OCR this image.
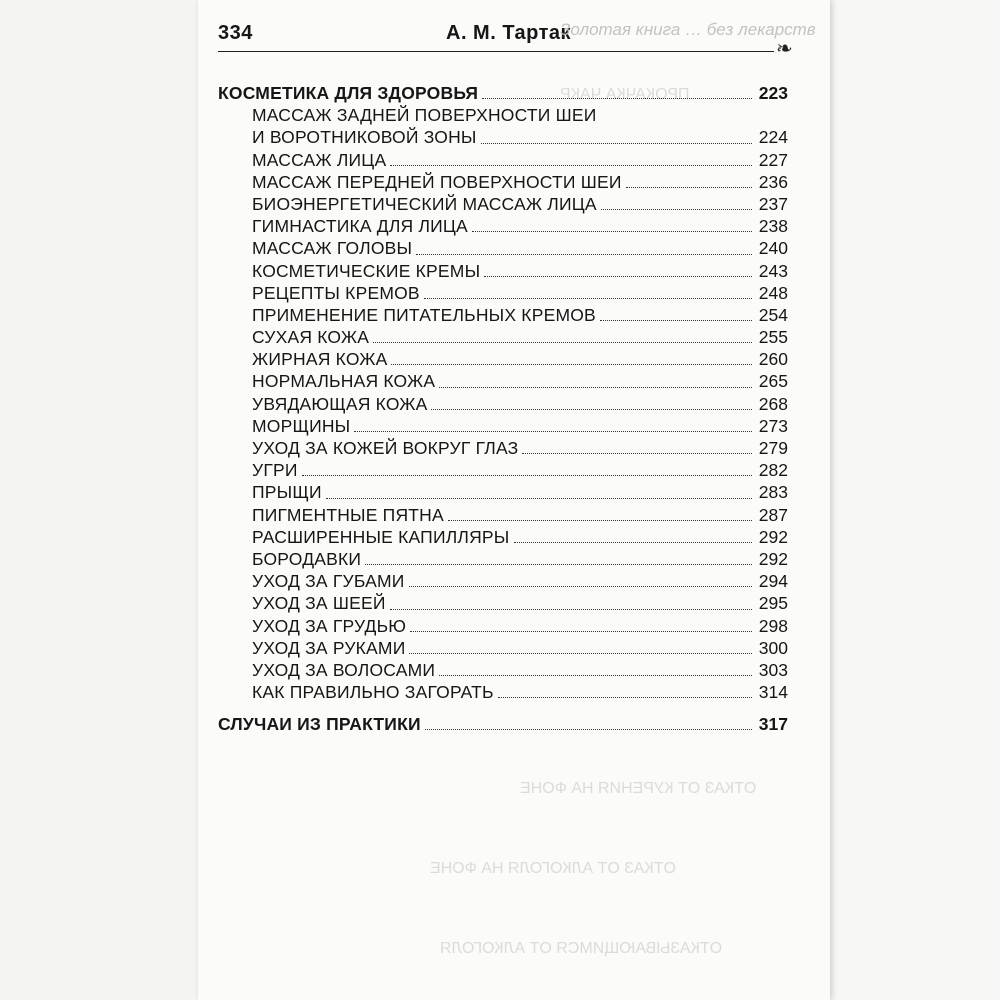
ПРОКАЧКА ЧАКР
ОТКАЗ ОТ КУРЕНИЯ НА ФОНЕ
ОТКАЗ ОТ АЛКОГОЛЯ НА ФОНЕ
ОТКАЗЫВАЮЩИМСЯ ОТ АЛКОГОЛЯ
334	А. М. Тартак
Золотая книга … без лекарств
❧
КОСМЕТИКА ДЛЯ ЗДОРОВЬЯ	223
МАССАЖ ЗАДНЕЙ ПОВЕРХНОСТИ ШЕИ
И ВОРОТНИКОВОЙ ЗОНЫ	224
МАССАЖ ЛИЦА	227
МАССАЖ ПЕРЕДНЕЙ ПОВЕРХНОСТИ ШЕИ	236
БИОЭНЕРГЕТИЧЕСКИЙ МАССАЖ ЛИЦА	237
ГИМНАСТИКА ДЛЯ ЛИЦА	238
МАССАЖ ГОЛОВЫ	240
КОСМЕТИЧЕСКИЕ КРЕМЫ	243
РЕЦЕПТЫ КРЕМОВ	248
ПРИМЕНЕНИЕ ПИТАТЕЛЬНЫХ КРЕМОВ	254
СУХАЯ КОЖА	255
ЖИРНАЯ КОЖА	260
НОРМАЛЬНАЯ КОЖА	265
УВЯДАЮЩАЯ КОЖА	268
МОРЩИНЫ	273
УХОД ЗА КОЖЕЙ ВОКРУГ ГЛАЗ	279
УГРИ	282
ПРЫЩИ	283
ПИГМЕНТНЫЕ ПЯТНА	287
РАСШИРЕННЫЕ КАПИЛЛЯРЫ	292
БОРОДАВКИ	292
УХОД ЗА ГУБАМИ	294
УХОД ЗА ШЕЕЙ	295
УХОД ЗА ГРУДЬЮ	298
УХОД ЗА РУКАМИ	300
УХОД ЗА ВОЛОСАМИ	303
КАК ПРАВИЛЬНО ЗАГОРАТЬ	314
СЛУЧАИ ИЗ ПРАКТИКИ	317
